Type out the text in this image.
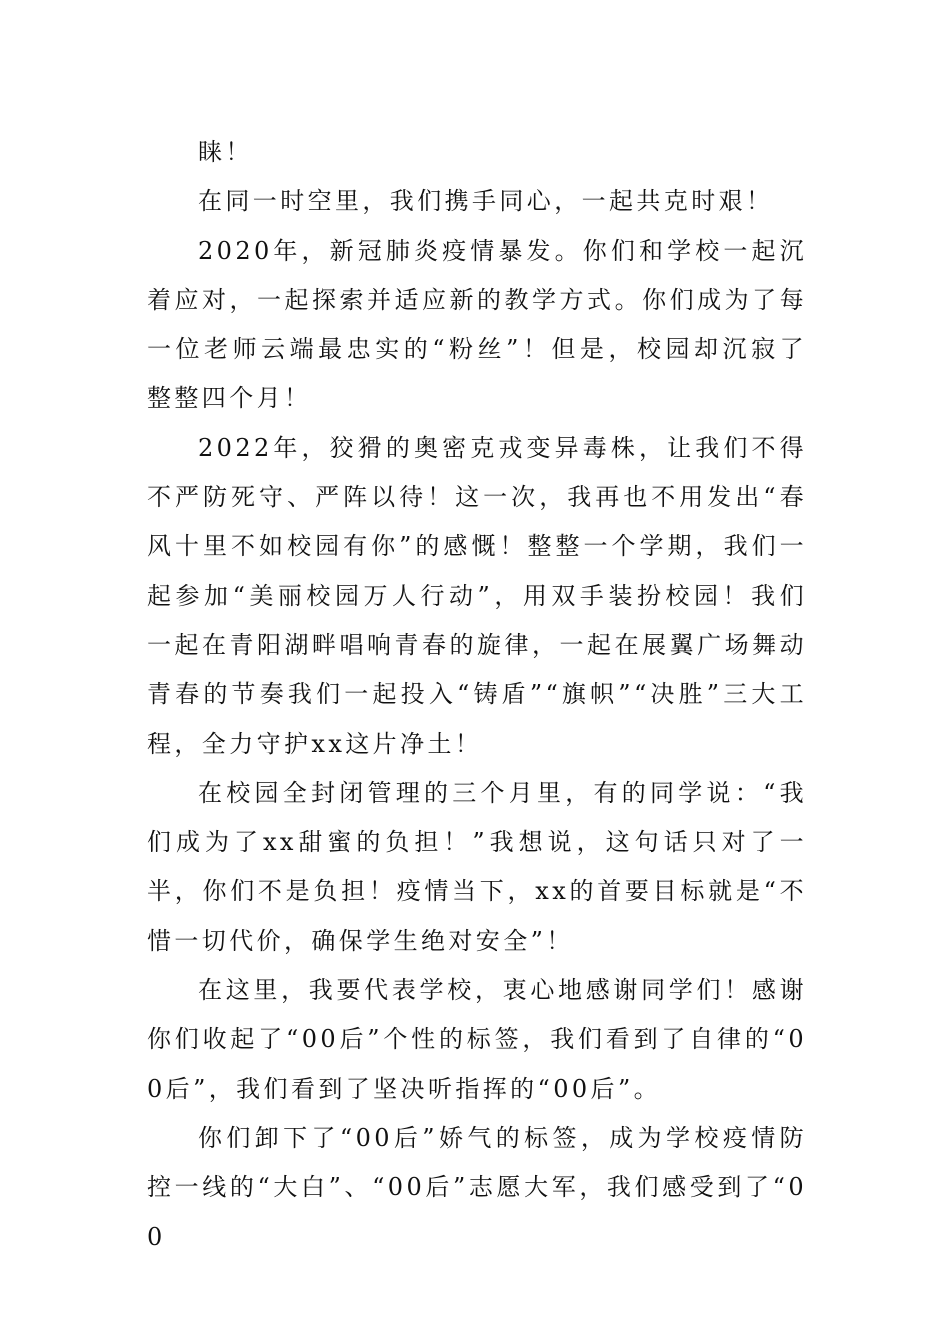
睐！

在同一时空里，我们携手同心，一起共克时艰！

2020年，新冠肺炎疫情暴发。你们和学校一起沉着应对，一起探索并适应新的教学方式。你们成为了每一位老师云端最忠实的“粉丝”！但是，校园却沉寂了整整四个月！

2022年，狡猾的奥密克戎变异毒株，让我们不得不严防死守、严阵以待！这一次，我再也不用发出“春风十里不如校园有你”的感慨！整整一个学期，我们一起参加“美丽校园万人行动”，用双手装扮校园！我们一起在青阳湖畔唱响青春的旋律，一起在展翼广场舞动青春的节奏我们一起投入“铸盾”“旗帜”“决胜”三大工程，全力守护xx这片净土！

在校园全封闭管理的三个月里，有的同学说：“我们成为了xx甜蜜的负担！”我想说，这句话只对了一半，你们不是负担！疫情当下，xx的首要目标就是“不惜一切代价，确保学生绝对安全”！

在这里，我要代表学校，衷心地感谢同学们！感谢你们收起了“00后”个性的标签，我们看到了自律的“00后”，我们看到了坚决听指挥的“00后”。

你们卸下了“00后”娇气的标签，成为学校疫情防控一线的“大白”、“00后”志愿大军，我们感受到了“00
